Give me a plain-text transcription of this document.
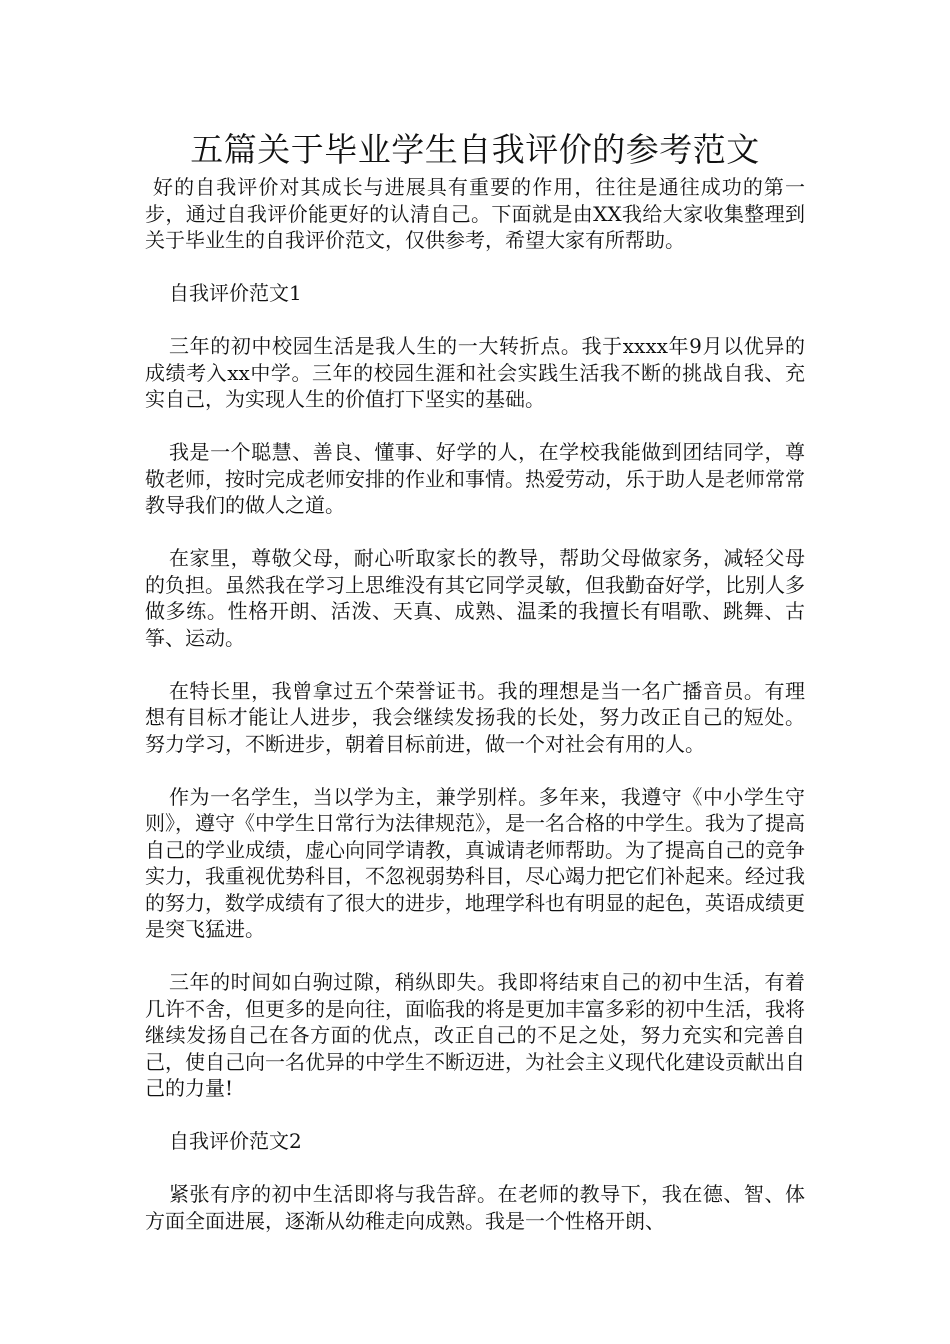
五篇关于毕业学生自我评价的参考范文

好的自我评价对其成长与进展具有重要的作用，往往是通往成功的第一步，通过自我评价能更好的认清自己。下面就是由XX我给大家收集整理到关于毕业生的自我评价范文，仅供参考，希望大家有所帮助。

自我评价范文1

三年的初中校园生活是我人生的一大转折点。我于xxxx年9月以优异的成绩考入xx中学。三年的校园生涯和社会实践生活我不断的挑战自我、充实自己，为实现人生的价值打下坚实的基础。

我是一个聪慧、善良、懂事、好学的人，在学校我能做到团结同学，尊敬老师，按时完成老师安排的作业和事情。热爱劳动，乐于助人是老师常常教导我们的做人之道。

在家里，尊敬父母，耐心听取家长的教导，帮助父母做家务，减轻父母的负担。虽然我在学习上思维没有其它同学灵敏，但我勤奋好学，比别人多做多练。性格开朗、活泼、天真、成熟、温柔的我擅长有唱歌、跳舞、古筝、运动。

在特长里，我曾拿过五个荣誉证书。我的理想是当一名广播音员。有理想有目标才能让人进步，我会继续发扬我的长处，努力改正自己的短处。 努力学习，不断进步，朝着目标前进，做一个对社会有用的人。

作为一名学生，当以学为主，兼学别样。多年来，我遵守《中小学生守则》，遵守《中学生日常行为法律规范》，是一名合格的中学生。我为了提高自己的学业成绩，虚心向同学请教，真诚请老师帮助。为了提高自己的竞争实力，我重视优势科目，不忽视弱势科目，尽心竭力把它们补起来。经过我的努力，数学成绩有了很大的进步，地理学科也有明显的起色，英语成绩更是突飞猛进。

三年的时间如白驹过隙，稍纵即失。我即将结束自己的初中生活，有着几许不舍，但更多的是向往，面临我的将是更加丰富多彩的初中生活，我将继续发扬自己在各方面的优点，改正自己的不足之处，努力充实和完善自己，使自己向一名优异的中学生不断迈进，为社会主义现代化建设贡献出自己的力量!

自我评价范文2

紧张有序的初中生活即将与我告辞。在老师的教导下，我在德、智、体方面全面进展，逐渐从幼稚走向成熟。我是一个性格开朗、
